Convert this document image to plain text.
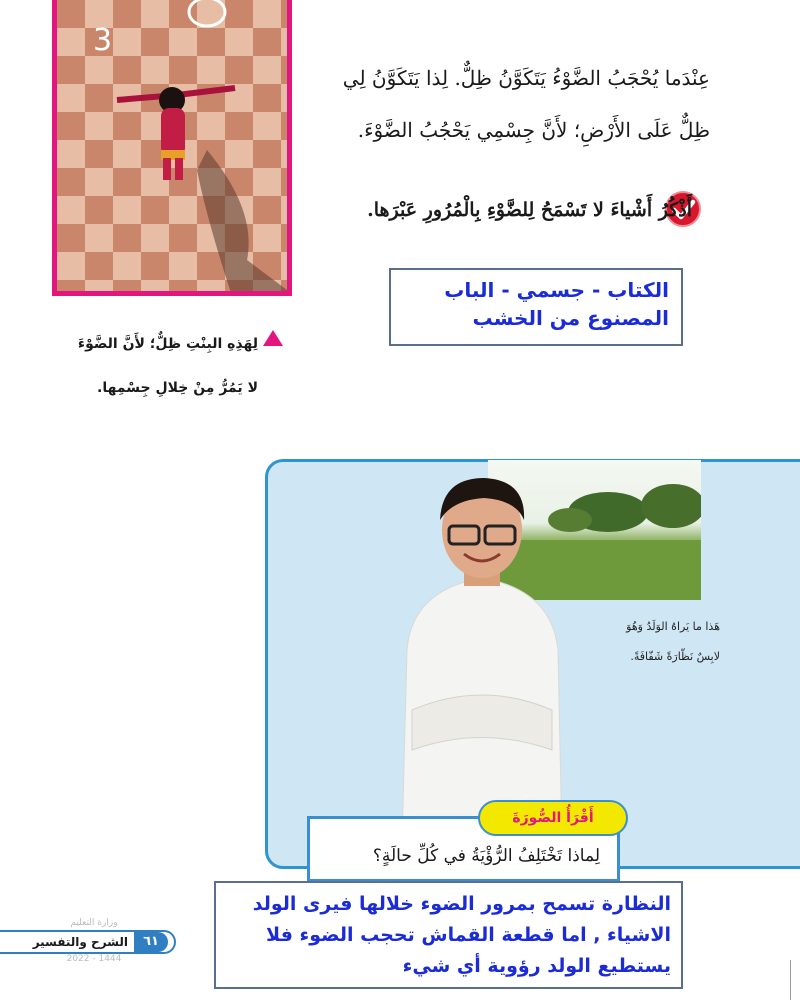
3
عِنْدَما يُحْجَبُ الضَّوْءُ يَتَكَوَّنُ ظِلٌّ. لِذا يَتَكَوَّنُ لِي
ظِلٌّ عَلَى الأَرْضِ؛ لأَنَّ جِسْمِي يَحْجُبُ الضَّوْءَ.
أَذْكُرُ أَشْياءَ لا تَسْمَحُ لِلضَّوْءِ بِالْمُرُورِ عَبْرَها.
الكتاب - جسمي - الباب
المصنوع من الخشب
لِهَذِهِ البِنْتِ ظِلٌّ؛ لأَنَّ الضَّوْءَ
لا يَمُرُّ مِنْ خِلالِ جِسْمِها.
هَذا ما يَراهُ الوَلَدُ وَهُوَ
لابِسٌ نَظّارَةً شَفّافَةً.
أَقْرَأُ الصُّورَةَ
لِماذا تَخْتَلِفُ الرُّؤْيَةُ في كُلِّ حالَةٍ؟
النظارة تسمح بمرور الضوء خلالها فيرى الولد
الاشياء , اما قطعة القماش تحجب الضوء فلا
يستطيع الولد رؤوية أي شيء
وزارة التعليم
الشرح والتفسير	٦١
2022 - 1444
